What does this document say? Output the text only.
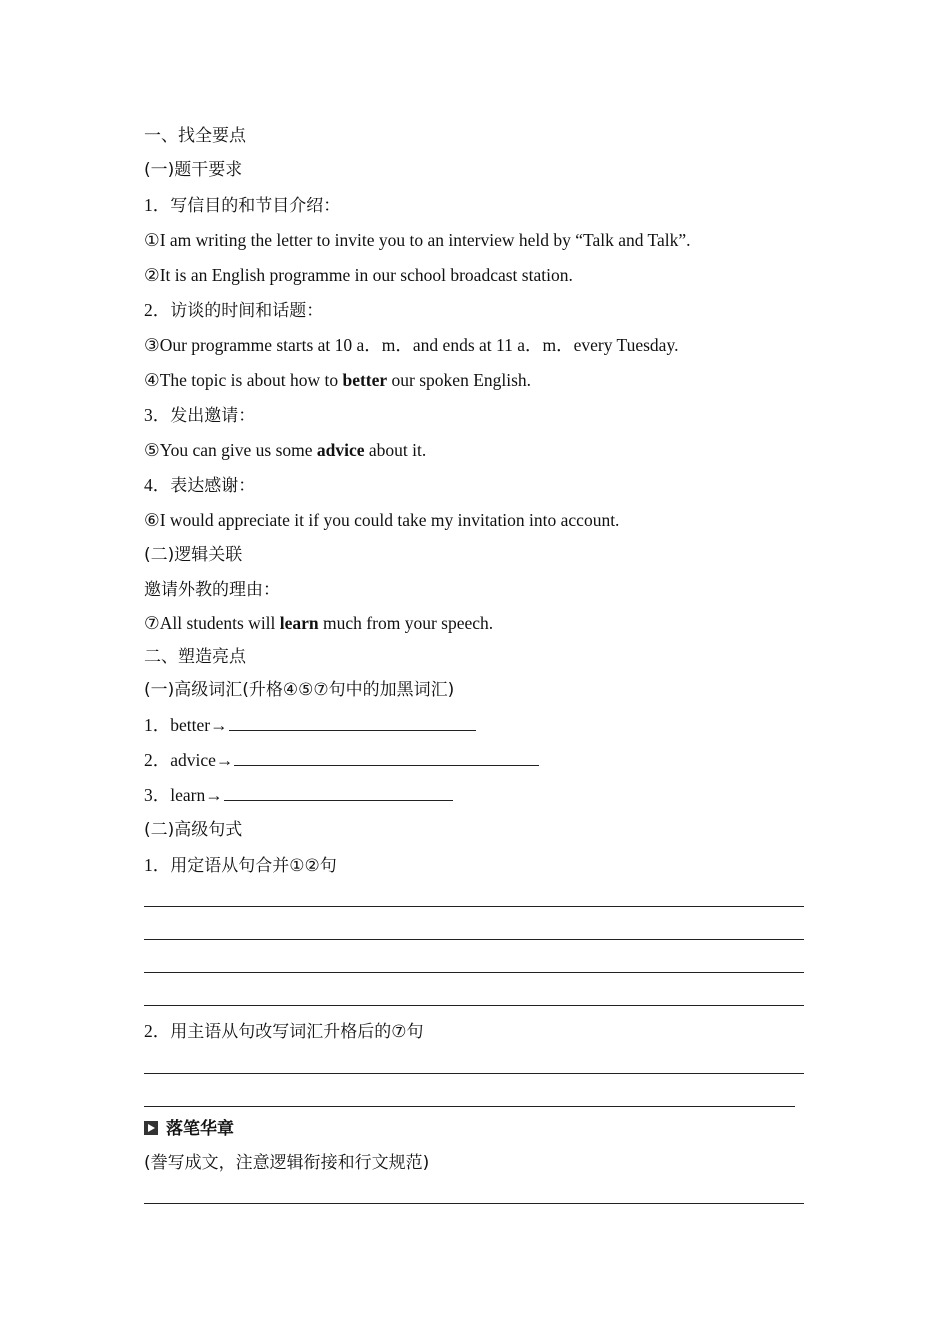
一、找全要点
(一)题干要求
1．写信目的和节目介绍：
①I am writing the letter to invite you to an interview held by “Talk and Talk”.
②It is an English programme in our school broadcast station.
2．访谈的时间和话题：
③Our programme starts at 10 a．m．and ends at 11 a．m．every Tuesday.
④The topic is about how to better our spoken English.
3．发出邀请：
⑤You can give us some advice about it.
4．表达感谢：
⑥I would appreciate it if you could take my invitation into account.
(二)逻辑关联
邀请外教的理由：
⑦All students will learn much from your speech.
二、塑造亮点
(一)高级词汇(升格④⑤⑦句中的加黑词汇)
1．better→
2．advice→
3．learn→
(二)高级句式
1．用定语从句合并①②句
2．用主语从句改写词汇升格后的⑦句
落笔华章
(誊写成文，注意逻辑衔接和行文规范)
